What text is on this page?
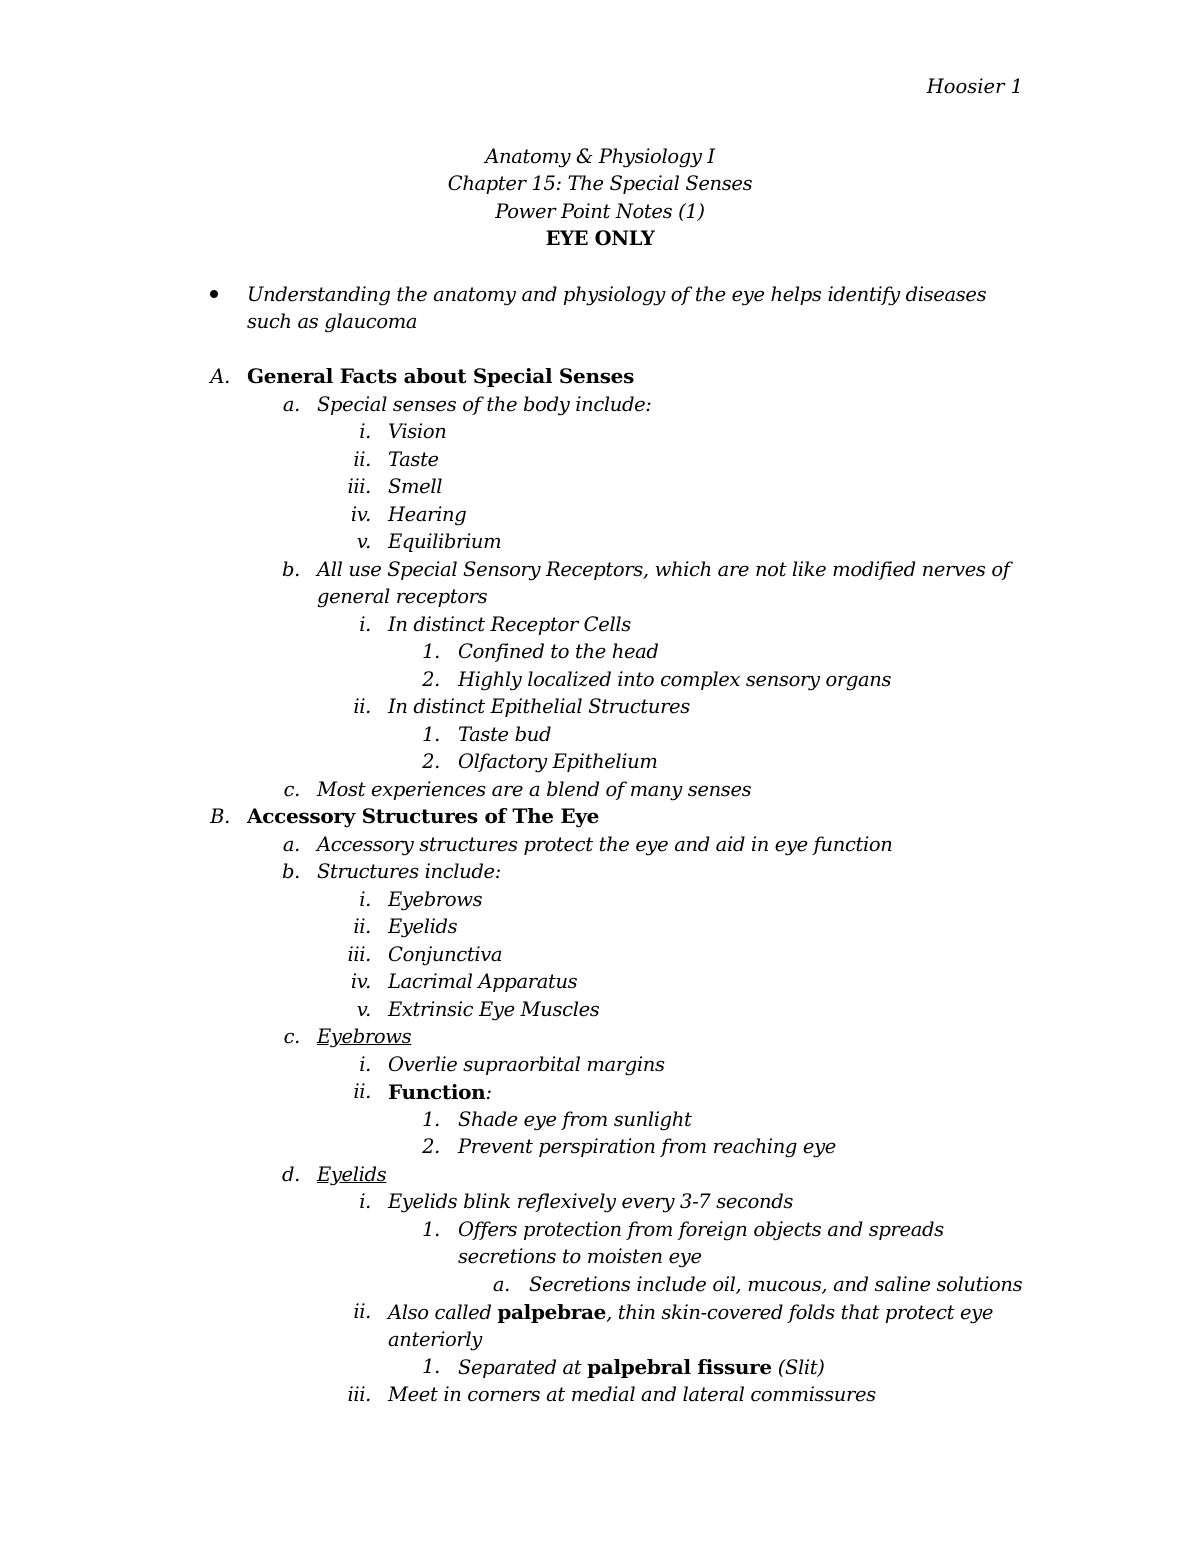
Hoosier 1
Anatomy & Physiology I
Chapter 15: The Special Senses
Power Point Notes (1)
EYE ONLY
Understanding the anatomy and physiology of the eye helps identify diseases
such as glaucoma
A. General Facts about Special Senses
a. Special senses of the body include:
i. Vision
ii. Taste
iii. Smell
iv. Hearing
v. Equilibrium
b. All use Special Sensory Receptors, which are not like modified nerves of
general receptors
i. In distinct Receptor Cells
1. Confined to the head
2. Highly localized into complex sensory organs
ii. In distinct Epithelial Structures
1. Taste bud
2. Olfactory Epithelium
c. Most experiences are a blend of many senses
B. Accessory Structures of The Eye
a. Accessory structures protect the eye and aid in eye function
b. Structures include:
i. Eyebrows
ii. Eyelids
iii. Conjunctiva
iv. Lacrimal Apparatus
v. Extrinsic Eye Muscles
c. Eyebrows
i. Overlie supraorbital margins
ii. Function:
1. Shade eye from sunlight
2. Prevent perspiration from reaching eye
d. Eyelids
i. Eyelids blink reflexively every 3-7 seconds
1. Offers protection from foreign objects and spreads
secretions to moisten eye
a. Secretions include oil, mucous, and saline solutions
ii. Also called palpebrae, thin skin-covered folds that protect eye
anteriorly
1. Separated at palpebral fissure (Slit)
iii. Meet in corners at medial and lateral commissures
